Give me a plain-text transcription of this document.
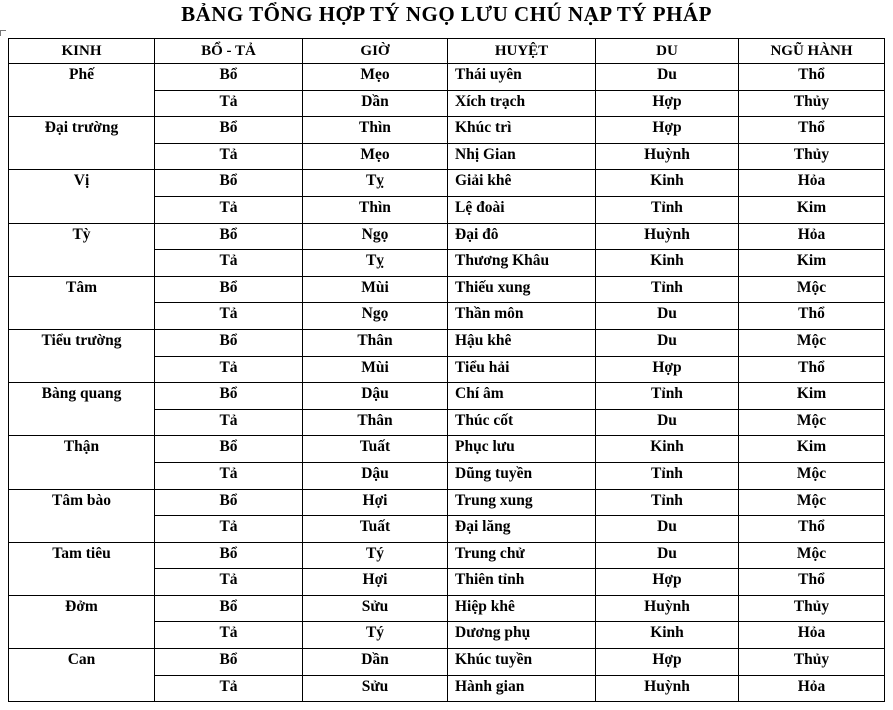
BẢNG TỔNG HỢP TÝ NGỌ LƯU CHÚ NẠP TÝ PHÁP
KINH	BỔ - TẢ	GIỜ	HUYỆT	DU	NGŨ HÀNH
Phế	Bổ	Mẹo	Thái uyên	Du	Thổ
	Tả	Dần	Xích trạch	Hợp	Thủy
Đại trường	Bổ	Thìn	Khúc trì	Hợp	Thổ
	Tả	Mẹo	Nhị Gian	Huỳnh	Thủy
Vị	Bổ	Tỵ	Giải khê	Kinh	Hỏa
	Tả	Thìn	Lệ đoài	Tỉnh	Kim
Tỳ	Bổ	Ngọ	Đại đô	Huỳnh	Hỏa
	Tả	Tỵ	Thương Khâu	Kinh	Kim
Tâm	Bổ	Mùi	Thiếu xung	Tỉnh	Mộc
	Tả	Ngọ	Thần môn	Du	Thổ
Tiểu trường	Bổ	Thân	Hậu khê	Du	Mộc
	Tả	Mùi	Tiểu hải	Hợp	Thổ
Bàng quang	Bổ	Dậu	Chí âm	Tỉnh	Kim
	Tả	Thân	Thúc cốt	Du	Mộc
Thận	Bổ	Tuất	Phục lưu	Kinh	Kim
	Tả	Dậu	Dũng tuyền	Tỉnh	Mộc
Tâm bào	Bổ	Hợi	Trung xung	Tỉnh	Mộc
	Tả	Tuất	Đại lăng	Du	Thổ
Tam tiêu	Bổ	Tý	Trung chử	Du	Mộc
	Tả	Hợi	Thiên tỉnh	Hợp	Thổ
Đởm	Bổ	Sửu	Hiệp khê	Huỳnh	Thủy
	Tả	Tý	Dương phụ	Kinh	Hỏa
Can	Bổ	Dần	Khúc tuyền	Hợp	Thủy
	Tả	Sửu	Hành gian	Huỳnh	Hỏa
